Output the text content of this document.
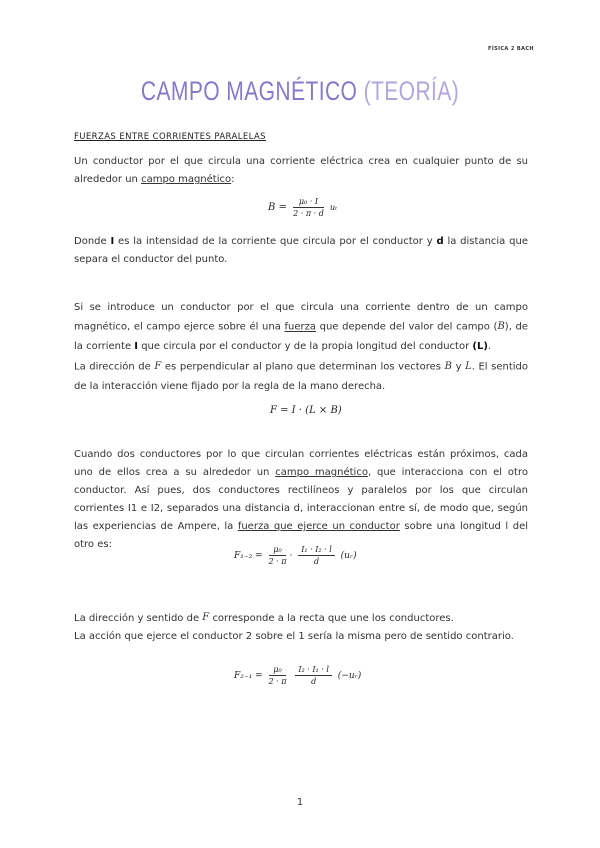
FÍSICA 2 BACH
CAMPO MAGNÉTICO (TEORÍA)
FUERZAS ENTRE CORRIENTES PARALELAS
Un conductor por el que circula una corriente eléctrica crea en cualquier punto de su alrededor un campo magnético:
$B = \frac{\text{μ₀ · I}}{2 \cdot \pi \cdot d}$ uₜ
Donde I es la intensidad de la corriente que circula por el conductor y d la distancia que separa el conductor del punto.
Si se introduce un conductor por el que circula una corriente dentro de un campo magnético, el campo ejerce sobre él una fuerza que depende del valor del campo (B), de la corriente I que circula por el conductor y de la propia longitud del conductor (L).
La dirección de F es perpendicular al plano que determinan los vectores B y L. El sentido de la interacción viene fijado por la regla de la mano derecha.
F = I · (L × B)
Cuando dos conductores por lo que circulan corrientes eléctricas están próximos, cada uno de ellos crea a su alrededor un campo magnético, que interacciona con el otro conductor. Así pues, dos conductores rectilíneos y paralelos por los que circulan corrientes I1 e I2, separados una distancia d, interaccionan entre sí, de modo que, según las experiencias de Ampere, la fuerza que ejerce un conductor sobre una longitud l del otro es:
$F_{1-2} = \frac{\text{μ₀}}{2 \cdot \pi} \cdot \frac{\text{I₁ · I₂ · l}}{d}$ (uᵣ)
La dirección y sentido de F corresponde a la recta que une los conductores.
La acción que ejerce el conductor 2 sobre el 1 sería la misma pero de sentido contrario.
$F_{2-1} = \frac{\text{μ₀}}{2 \cdot \pi}$
$\frac{\text{I₂ · I₁ · l}}{d}$ (−uᵣ)
1
